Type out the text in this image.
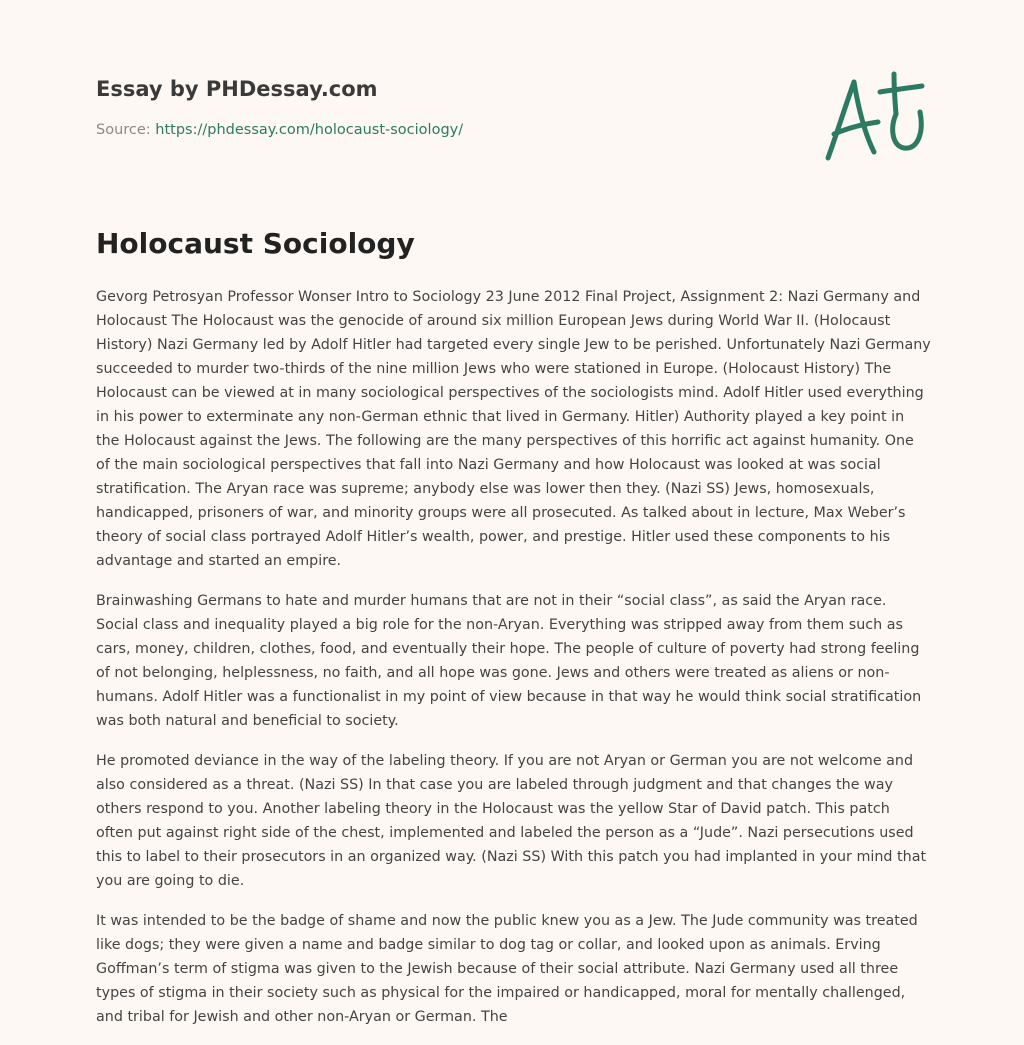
Essay by PHDessay.com
Source: https://phdessay.com/holocaust-sociology/
Holocaust Sociology

Gevorg Petrosyan Professor Wonser Intro to Sociology 23 June 2012 Final Project, Assignment 2: Nazi Germany and Holocaust The Holocaust was the genocide of around six million European Jews during World War II. (Holocaust History) Nazi Germany led by Adolf Hitler had targeted every single Jew to be perished. Unfortunately Nazi Germany succeeded to murder two-thirds of the nine million Jews who were stationed in Europe. (Holocaust History) The Holocaust can be viewed at in many sociological perspectives of the sociologists mind. Adolf Hitler used everything in his power to exterminate any non-German ethnic that lived in Germany. Hitler) Authority played a key point in the Holocaust against the Jews. The following are the many perspectives of this horrific act against humanity. One of the main sociological perspectives that fall into Nazi Germany and how Holocaust was looked at was social stratification. The Aryan race was supreme; anybody else was lower then they. (Nazi SS) Jews, homosexuals, handicapped, prisoners of war, and minority groups were all prosecuted. As talked about in lecture, Max Weber’s theory of social class portrayed Adolf Hitler’s wealth, power, and prestige. Hitler used these components to his advantage and started an empire.

Brainwashing Germans to hate and murder humans that are not in their “social class”, as said the Aryan race. Social class and inequality played a big role for the non-Aryan. Everything was stripped away from them such as cars, money, children, clothes, food, and eventually their hope. The people of culture of poverty had strong feeling of not belonging, helplessness, no faith, and all hope was gone. Jews and others were treated as aliens or non-humans. Adolf Hitler was a functionalist in my point of view because in that way he would think social stratification was both natural and beneficial to society.

He promoted deviance in the way of the labeling theory. If you are not Aryan or German you are not welcome and also considered as a threat. (Nazi SS) In that case you are labeled through judgment and that changes the way others respond to you. Another labeling theory in the Holocaust was the yellow Star of David patch. This patch often put against right side of the chest, implemented and labeled the person as a “Jude”. Nazi persecutions used this to label to their prosecutors in an organized way. (Nazi SS) With this patch you had implanted in your mind that you are going to die.

It was intended to be the badge of shame and now the public knew you as a Jew. The Jude community was treated like dogs; they were given a name and badge similar to dog tag or collar, and looked upon as animals. Erving Goffman’s term of stigma was given to the Jewish because of their social attribute. Nazi Germany used all three types of stigma in their society such as physical for the impaired or handicapped, moral for mentally challenged, and tribal for Jewish and other non-Aryan or German. The
